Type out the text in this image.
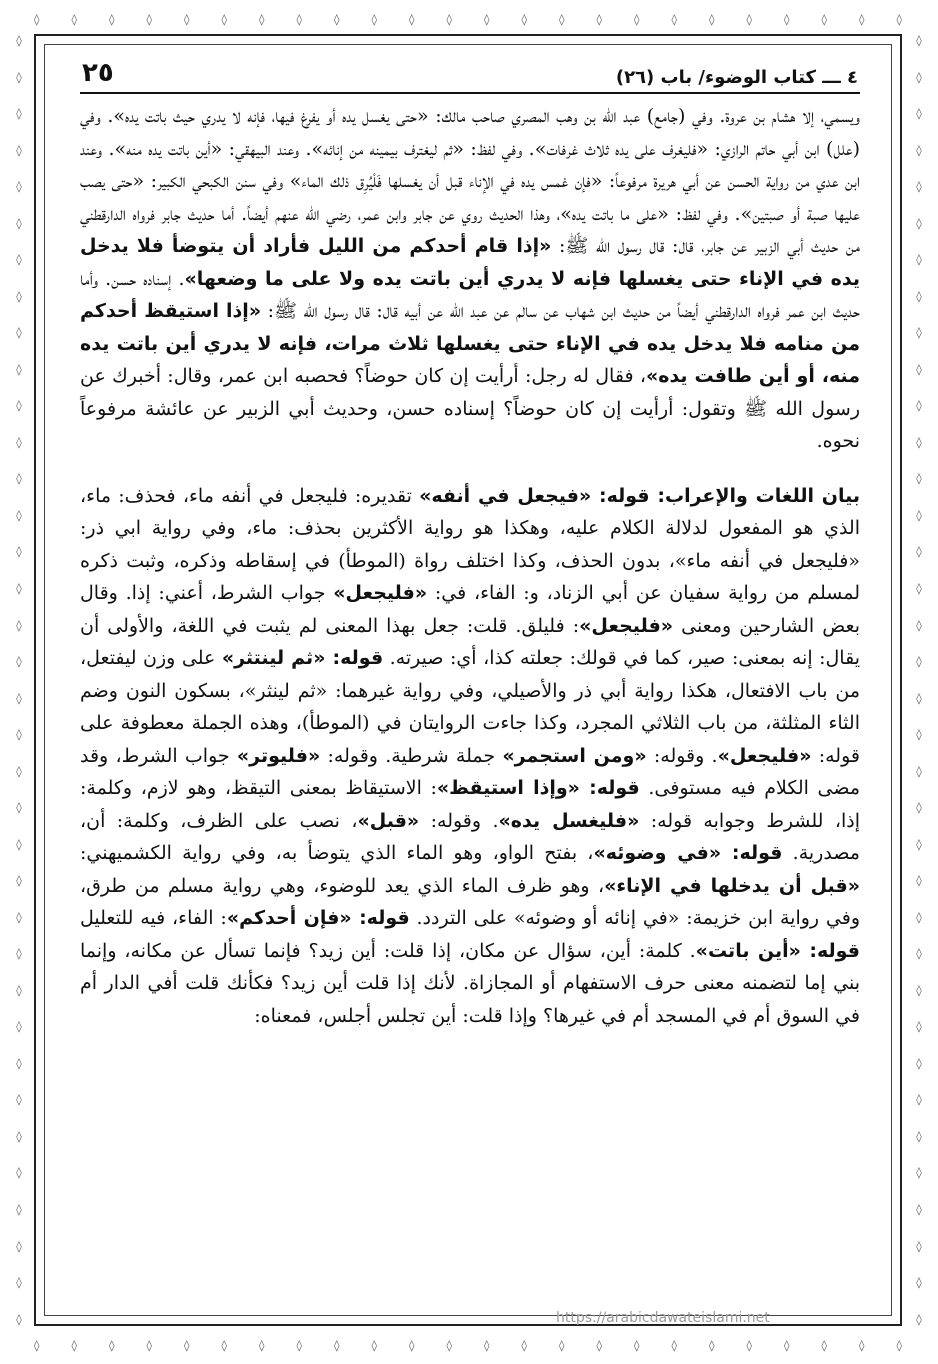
◊	◊	◊	◊	◊	◊	◊	◊	◊	◊	◊	◊	◊	◊	◊	◊	◊	◊	◊	◊	◊	◊	◊	◊
◊	◊	◊	◊	◊	◊	◊	◊	◊	◊	◊	◊	◊	◊	◊	◊	◊	◊	◊	◊	◊	◊	◊	◊
◊
◊
◊
◊
◊
◊
◊
◊
◊
◊
◊
◊
◊
◊
◊
◊
◊
◊
◊
◊
◊
◊
◊
◊
◊
◊
◊
◊
◊
◊
◊
◊
◊
◊
◊
◊
◊
◊
◊
◊
◊
◊
◊
◊
◊
◊
◊
◊
◊
◊
◊
◊
◊
◊
◊
◊
◊
◊
◊
◊
◊
◊
◊
◊
◊
◊
◊
◊
◊
◊
◊
◊
٤ ـــ كتاب الوضوء/ باب (٢٦)
٢٥

ويسمي، إلا هشام بن عروة. وفي (جامع) عبد الله بن وهب المصري صاحب مالك: «حتى يغسل يده أو يفرغ فيها، فإنه لا يدري حيث باتت يده». وفي (علل) ابن أبي حاتم الرازي: «فليغرف على يده ثلاث غرفات». وفي لفظ: «ثم ليغترف بيمينه من إنائه». وعند البيهقي: «أين باتت يده منه». وعند ابن عدي من رواية الحسن عن أبي هريرة مرفوعاً: «فإن غمس يده في الإناء قبل أن يغسلها فَلْيُرِق ذلك الماء» وفي سنن الكبحي الكبير: «حتى يصب عليها صبة أو صبتين». وفي لفظ: «على ما باتت يده»، وهذا الحديث روي عن جابر وابن عمر، رضي الله عنهم أيضاً. أما حديث جابر فرواه الدارقطني من حديث أبي الزبير عن جابر، قال: قال رسول الله ﷺ: «إذا قام أحدكم من الليل فأراد أن يتوضأ فلا يدخل يده في الإناء حتى يغسلها فإنه لا يدري أين باتت يده ولا على ما وضعها». إسناده حسن. وأما حديث ابن عمر فرواه الدارقطني أيضاً من حديث ابن شهاب عن سالم عن عبد الله عن أبيه قال: قال رسول الله ﷺ: «إذا استيقظ أحدكم من منامه فلا يدخل يده في الإناء حتى يغسلها ثلاث مرات، فإنه لا يدري أين باتت يده منه، أو أين طافت يده»، فقال له رجل: أرأيت إن كان حوضاً؟ فحصبه ابن عمر، وقال: أخبرك عن رسول الله ﷺ وتقول: أرأيت إن كان حوضاً؟ إسناده حسن، وحديث أبي الزبير عن عائشة مرفوعاً نحوه.

بيان اللغات والإعراب: قوله: «فيجعل في أنفه» تقديره: فليجعل في أنفه ماء، فحذف: ماء، الذي هو المفعول لدلالة الكلام عليه، وهكذا هو رواية الأكثرين بحذف: ماء، وفي رواية ابي ذر: «فليجعل في أنفه ماء»، بدون الحذف، وكذا اختلف رواة (الموطأ) في إسقاطه وذكره، وثبت ذكره لمسلم من رواية سفيان عن أبي الزناد، و: الفاء، في: «فليجعل» جواب الشرط، أعني: إذا. وقال بعض الشارحين ومعنى «فليجعل»: فليلق. قلت: جعل بهذا المعنى لم يثبت في اللغة، والأولى أن يقال: إنه بمعنى: صير، كما في قولك: جعلته كذا، أي: صيرته. قوله: «ثم لينتثر» على وزن ليفتعل، من باب الافتعال، هكذا رواية أبي ذر والأصيلي، وفي رواية غيرهما: «ثم لينثر»، بسكون النون وضم الثاء المثلثة، من باب الثلاثي المجرد، وكذا جاءت الروايتان في (الموطأ)، وهذه الجملة معطوفة على قوله: «فليجعل». وقوله: «ومن استجمر» جملة شرطية. وقوله: «فليوتر» جواب الشرط، وقد مضى الكلام فيه مستوفى. قوله: «وإذا استيقظ»: الاستيقاظ بمعنى التيقظ، وهو لازم، وكلمة: إذا، للشرط وجوابه قوله: «فليغسل يده». وقوله: «قبل»، نصب على الظرف، وكلمة: أن، مصدرية. قوله: «في وضوئه»، بفتح الواو، وهو الماء الذي يتوضأ به، وفي رواية الكشميهني: «قبل أن يدخلها في الإناء»، وهو ظرف الماء الذي يعد للوضوء، وهي رواية مسلم من طرق، وفي رواية ابن خزيمة: «في إنائه أو وضوئه» على التردد. قوله: «فإن أحدكم»: الفاء، فيه للتعليل قوله: «أين باتت». كلمة: أين، سؤال عن مكان، إذا قلت: أين زيد؟ فإنما تسأل عن مكانه، وإنما بني إما لتضمنه معنى حرف الاستفهام أو المجازاة. لأنك إذا قلت أين زيد؟ فكأنك قلت أفي الدار أم في السوق أم في المسجد أم في غيرها؟ وإذا قلت: أين تجلس أجلس، فمعناه:

https://arabicdawateislami.net
